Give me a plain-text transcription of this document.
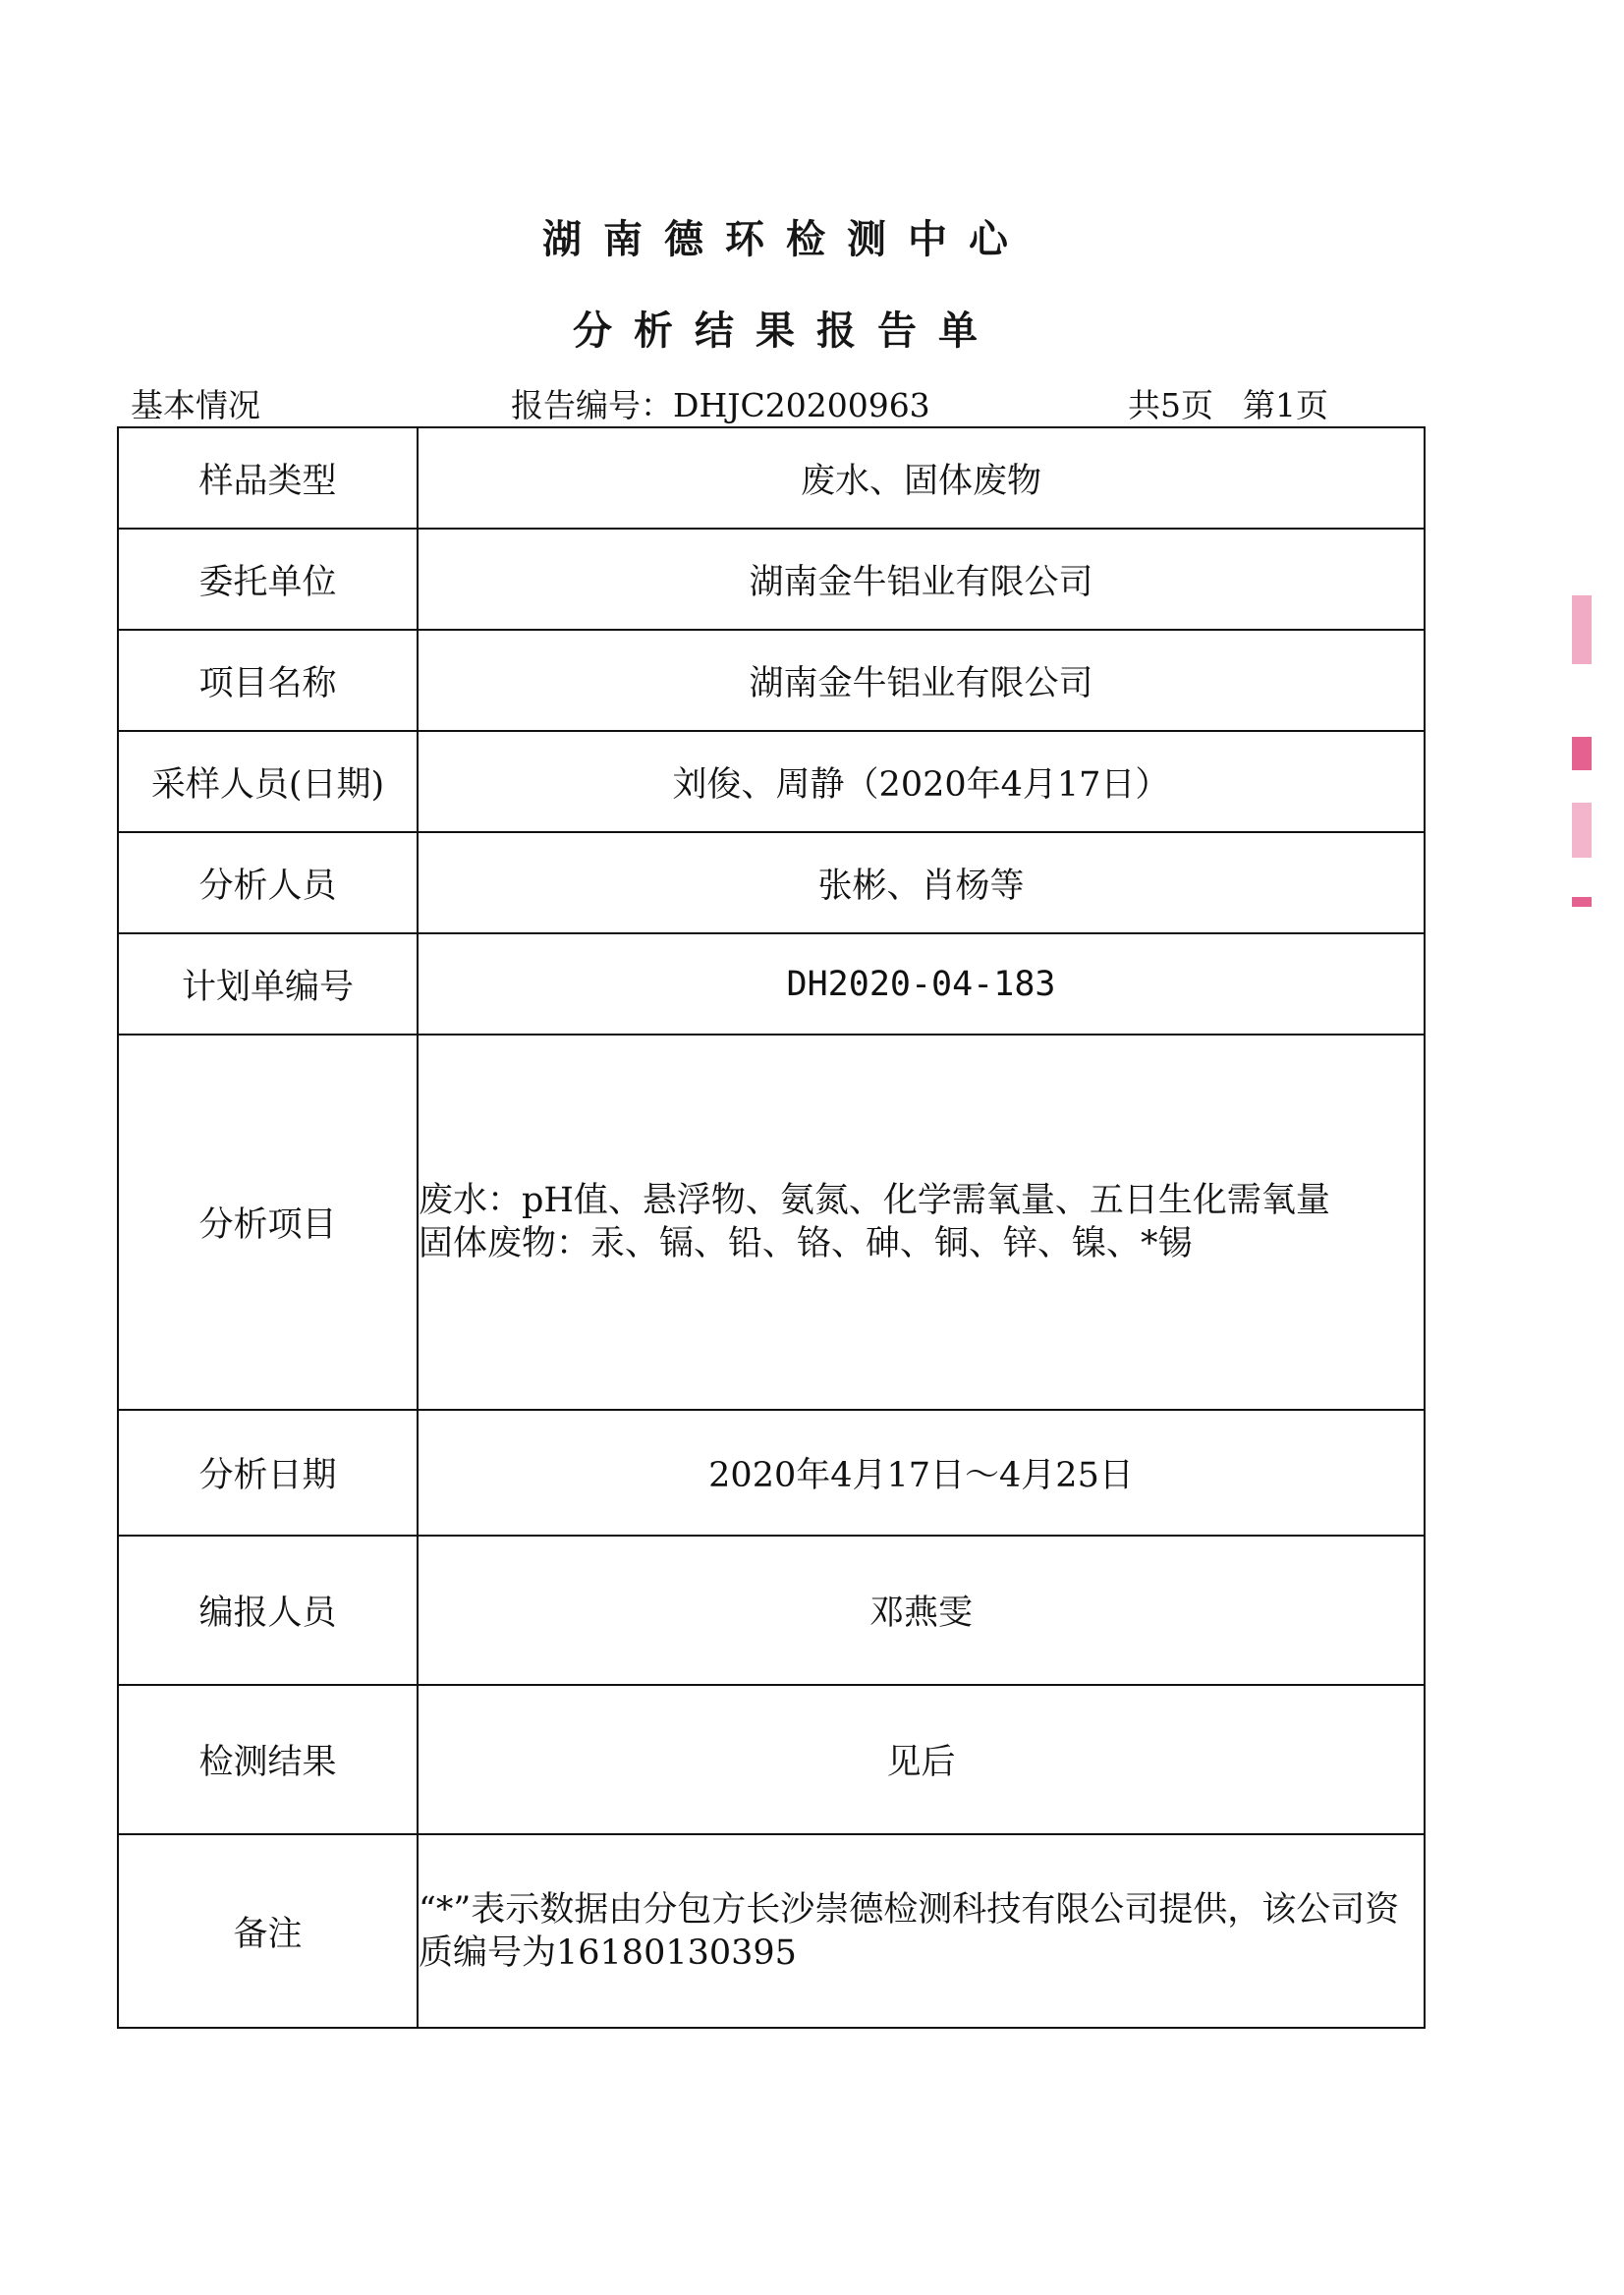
湖南德环检测中心
分析结果报告单
基本情况	报告编号：DHJC20200963	共5页 第1页
样品类型	废水、固体废物
委托单位	湖南金牛铝业有限公司
项目名称	湖南金牛铝业有限公司
采样人员(日期)	刘俊、周静（2020年4月17日）
分析人员	张彬、肖杨等
计划单编号	DH2020-04-183
分析项目	废水：pH值、悬浮物、氨氮、化学需氧量、五日生化需氧量
固体废物：汞、镉、铅、铬、砷、铜、锌、镍、*锡

分析日期	2020年4月17日～4月25日
编报人员	邓燕雯
检测结果	见后
备注	“*”表示数据由分包方长沙崇德检测科技有限公司提供，该公司资质编号为16180130395
